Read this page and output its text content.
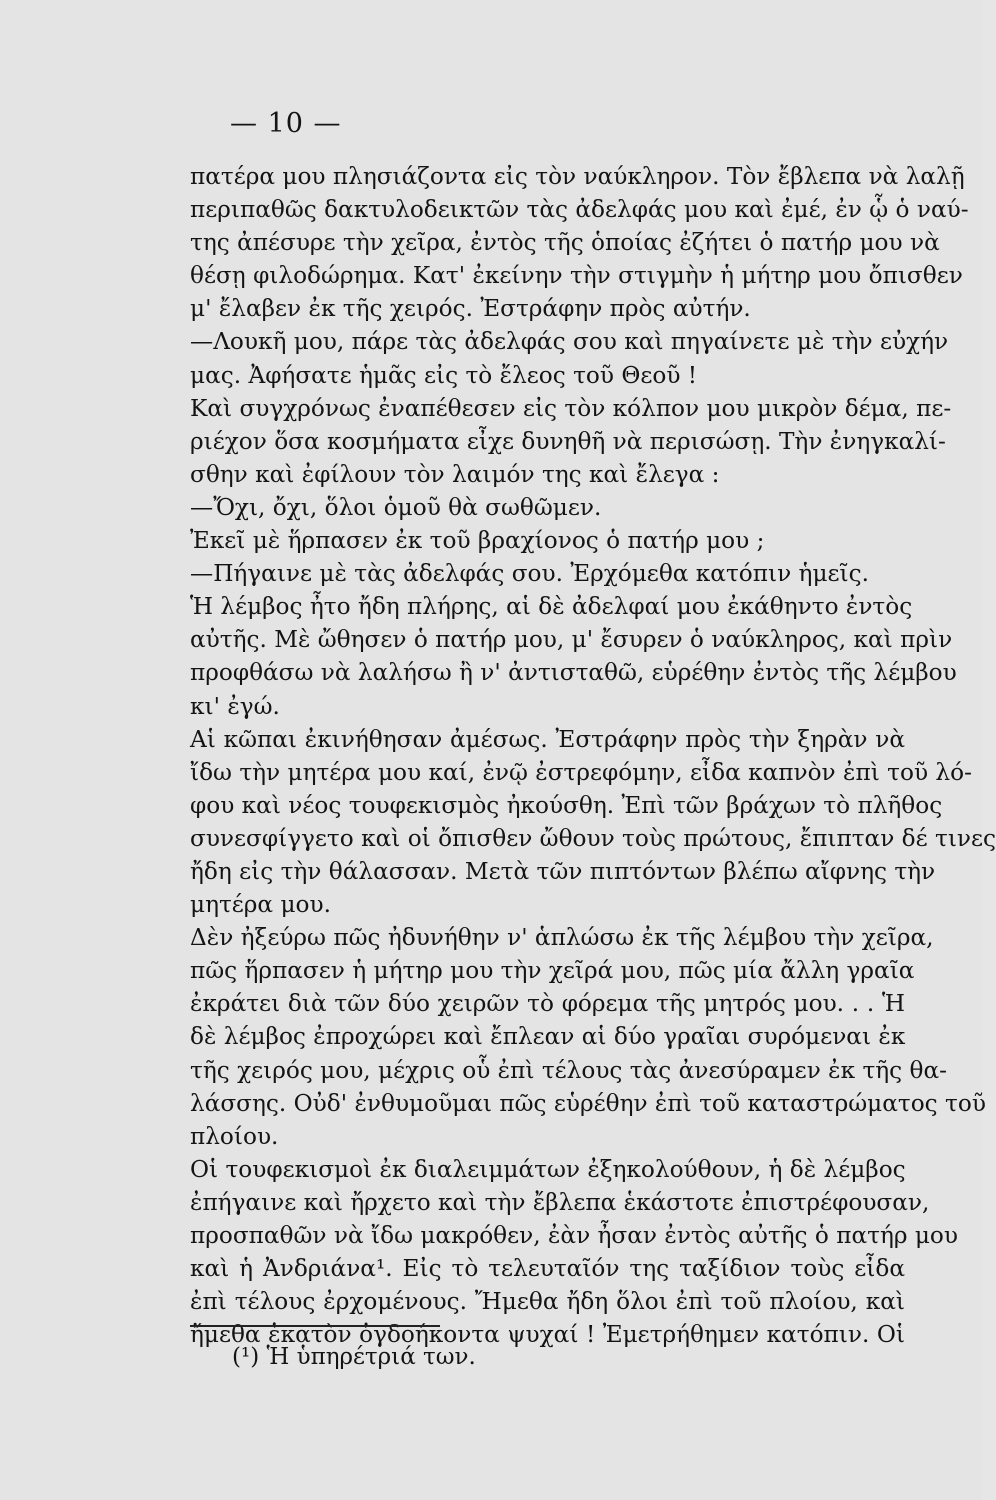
— 10 —
πατέρα μου πλησιάζοντα εἰς τὸν ναύκληρον. Τὸν ἔβλεπα νὰ λαλῇ
περιπαθῶς δακτυλοδεικτῶν τὰς ἀδελφάς μου καὶ ἐμέ, ἐν ᾧ ὁ ναύ-
της ἀπέσυρε τὴν χεῖρα, ἐντὸς τῆς ὁποίας ἐζήτει ὁ πατήρ μου νὰ
θέσῃ φιλοδώρημα. Κατ' ἐκείνην τὴν στιγμὴν ἡ μήτηρ μου ὄπισθεν
μ' ἔλαβεν ἐκ τῆς χειρός. Ἐστράφην πρὸς αὐτήν.
—Λουκῆ μου, πάρε τὰς ἀδελφάς σου καὶ πηγαίνετε μὲ τὴν εὐχήν
μας. Ἀφήσατε ἡμᾶς εἰς τὸ ἔλεος τοῦ Θεοῦ !
Καὶ συγχρόνως ἐναπέθεσεν εἰς τὸν κόλπον μου μικρὸν δέμα, πε-
ριέχον ὅσα κοσμήματα εἶχε δυνηθῆ νὰ περισώσῃ. Τὴν ἐνηγκαλί-
σθην καὶ ἐφίλουν τὸν λαιμόν της καὶ ἔλεγα :
—Ὄχι, ὄχι, ὅλοι ὁμοῦ θὰ σωθῶμεν.
Ἐκεῖ μὲ ἥρπασεν ἐκ τοῦ βραχίονος ὁ πατήρ μου ;
—Πήγαινε μὲ τὰς ἀδελφάς σου. Ἐρχόμεθα κατόπιν ἡμεῖς.
Ἡ λέμβος ἦτο ἤδη πλήρης, αἱ δὲ ἀδελφαί μου ἐκάθηντο ἐντὸς
αὐτῆς. Μὲ ὤθησεν ὁ πατήρ μου, μ' ἔσυρεν ὁ ναύκληρος, καὶ πρὶν
προφθάσω νὰ λαλήσω ἢ ν' ἀντισταθῶ, εὑρέθην ἐντὸς τῆς λέμβου
κι' ἐγώ.
Αἱ κῶπαι ἐκινήθησαν ἀμέσως. Ἐστράφην πρὸς τὴν ξηρὰν νὰ
ἴδω τὴν μητέρα μου καί, ἐνῷ ἐστρεφόμην, εἶδα καπνὸν ἐπὶ τοῦ λό-
φου καὶ νέος τουφεκισμὸς ἠκούσθη. Ἐπὶ τῶν βράχων τὸ πλῆθος
συνεσφίγγετο καὶ οἱ ὄπισθεν ὤθουν τοὺς πρώτους, ἔπιπταν δέ τινες
ἤδη εἰς τὴν θάλασσαν. Μετὰ τῶν πιπτόντων βλέπω αἴφνης τὴν
μητέρα μου.
Δὲν ἠξεύρω πῶς ἠδυνήθην ν' ἁπλώσω ἐκ τῆς λέμβου τὴν χεῖρα,
πῶς ἥρπασεν ἡ μήτηρ μου τὴν χεῖρά μου, πῶς μία ἄλλη γραῖα
ἐκράτει διὰ τῶν δύο χειρῶν τὸ φόρεμα τῆς μητρός μου. . . Ἡ
δὲ λέμβος ἐπροχώρει καὶ ἔπλεαν αἱ δύο γραῖαι συρόμεναι ἐκ
τῆς χειρός μου, μέχρις οὗ ἐπὶ τέλους τὰς ἀνεσύραμεν ἐκ τῆς θα-
λάσσης. Οὐδ' ἐνθυμοῦμαι πῶς εὑρέθην ἐπὶ τοῦ καταστρώματος τοῦ
πλοίου.
Οἱ τουφεκισμοὶ ἐκ διαλειμμάτων ἐξηκολούθουν, ἡ δὲ λέμβος
ἐπήγαινε καὶ ἤρχετο καὶ τὴν ἔβλεπα ἑκάστοτε ἐπιστρέφουσαν,
προσπαθῶν νὰ ἴδω μακρόθεν, ἐὰν ἦσαν ἐντὸς αὐτῆς ὁ πατήρ μου
καὶ ἡ Ἀνδριάνα¹. Εἰς τὸ τελευταῖόν της ταξίδιον τοὺς εἶδα
ἐπὶ τέλους ἐρχομένους. Ἤμεθα ἤδη ὅλοι ἐπὶ τοῦ πλοίου, καὶ
ἤμεθα ἑκατὸν ὀγδοήκοντα ψυχαί ! Ἐμετρήθημεν κατόπιν. Οἱ
(¹) Ἡ ὑπηρέτριά των.
